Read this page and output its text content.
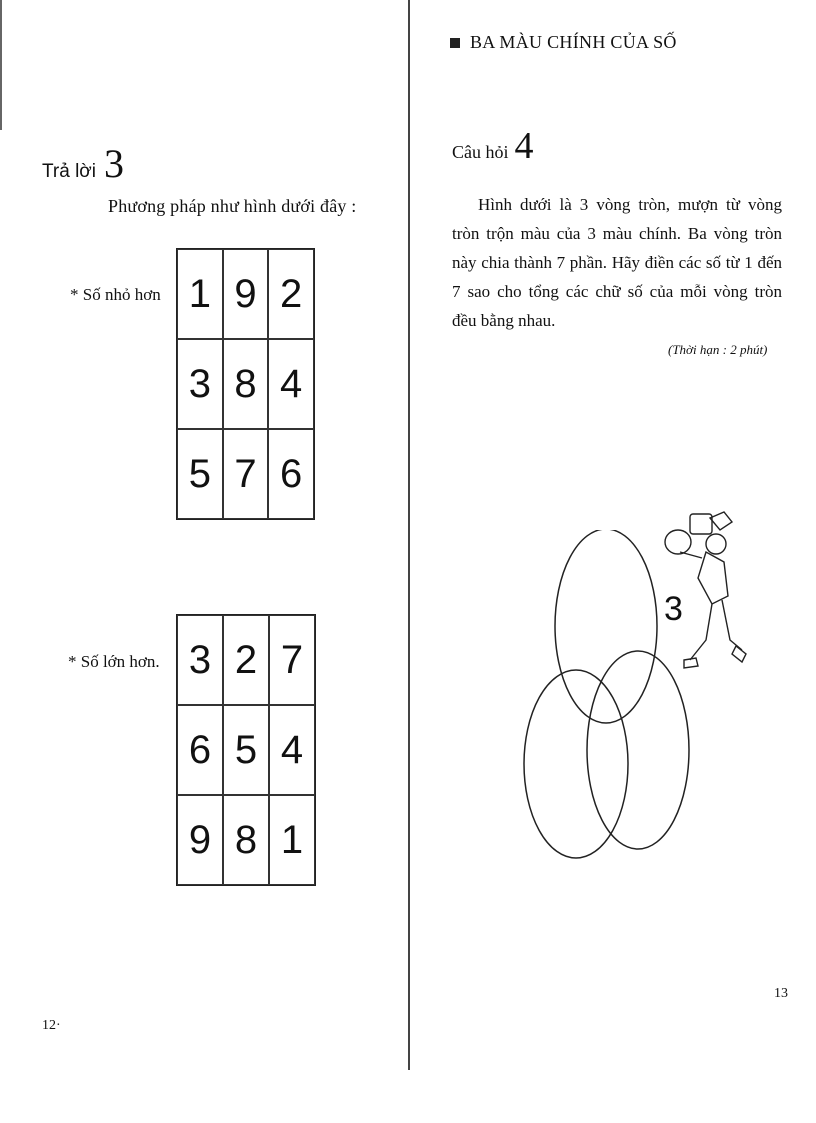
Trả lời 3
Phương pháp như hình dưới đây :
* Số nhỏ hơn 1 9 2
3 8 4
5 7 6
* Số lớn hơn. 3 2 7
6 5 4
9 8 1
12·
BA MÀU CHÍNH CỦA SỐ
Câu hỏi 4
Hình dưới là 3 vòng tròn, mượn từ vòng tròn trộn màu của 3 màu chính. Ba vòng tròn này chia thành 7 phần. Hãy điền các số từ 1 đến 7 sao cho tổng các chữ số của mỗi vòng tròn đều bằng nhau.
(Thời hạn : 2 phút)
3
13
